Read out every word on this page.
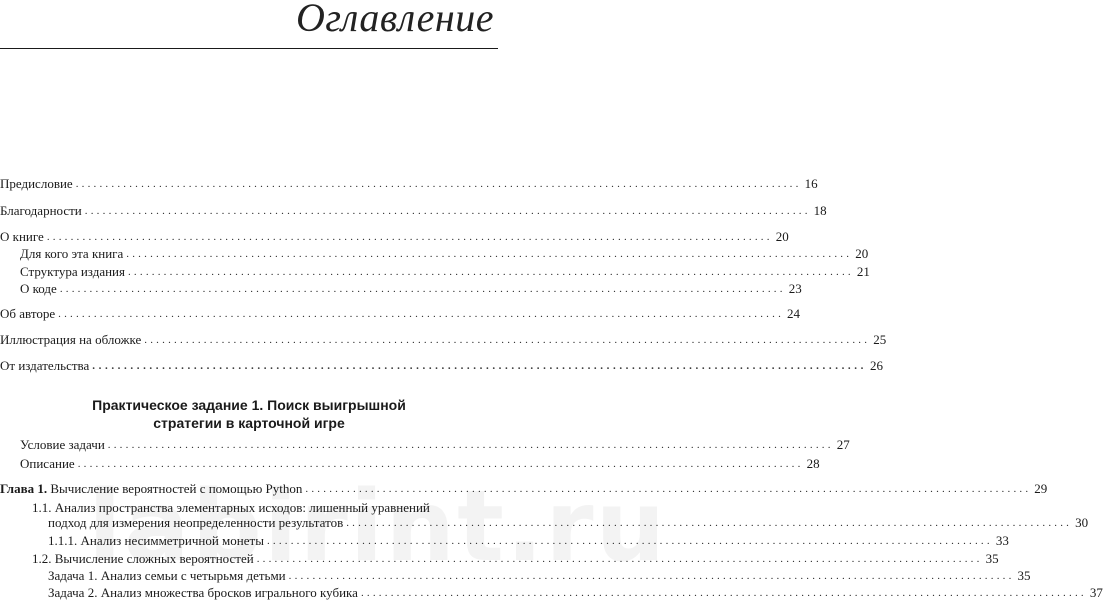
Оглавление
Предисловие .......................................................................................................................... 16
Благодарности .......................................................................................................................... 18
О книге .......................................................................................................................... 20
Для кого эта книга .......................................................................................................................... 20
Структура издания .......................................................................................................................... 21
О коде .......................................................................................................................... 23
Об авторе .......................................................................................................................... 24
Иллюстрация на обложке .......................................................................................................................... 25
От издательства .......................................................................................................................... 26
Практическое задание 1. Поиск выигрышной
стратегии в карточной игре
Условие задачи .......................................................................................................................... 27
Описание .......................................................................................................................... 28
Глава 1. Вычисление вероятностей с помощью Python .......................................................................................................................... 29
1.1. Анализ пространства элементарных исходов: лишенный уравнений
подход для измерения неопределенности результатов .......................................................................................................................... 30
1.1.1. Анализ несимметричной монеты .......................................................................................................................... 33
1.2. Вычисление сложных вероятностей .......................................................................................................................... 35
Задача 1. Анализ семьи с четырьмя детьми .......................................................................................................................... 35
Задача 2. Анализ множества бросков игрального кубика .......................................................................................................................... 37
